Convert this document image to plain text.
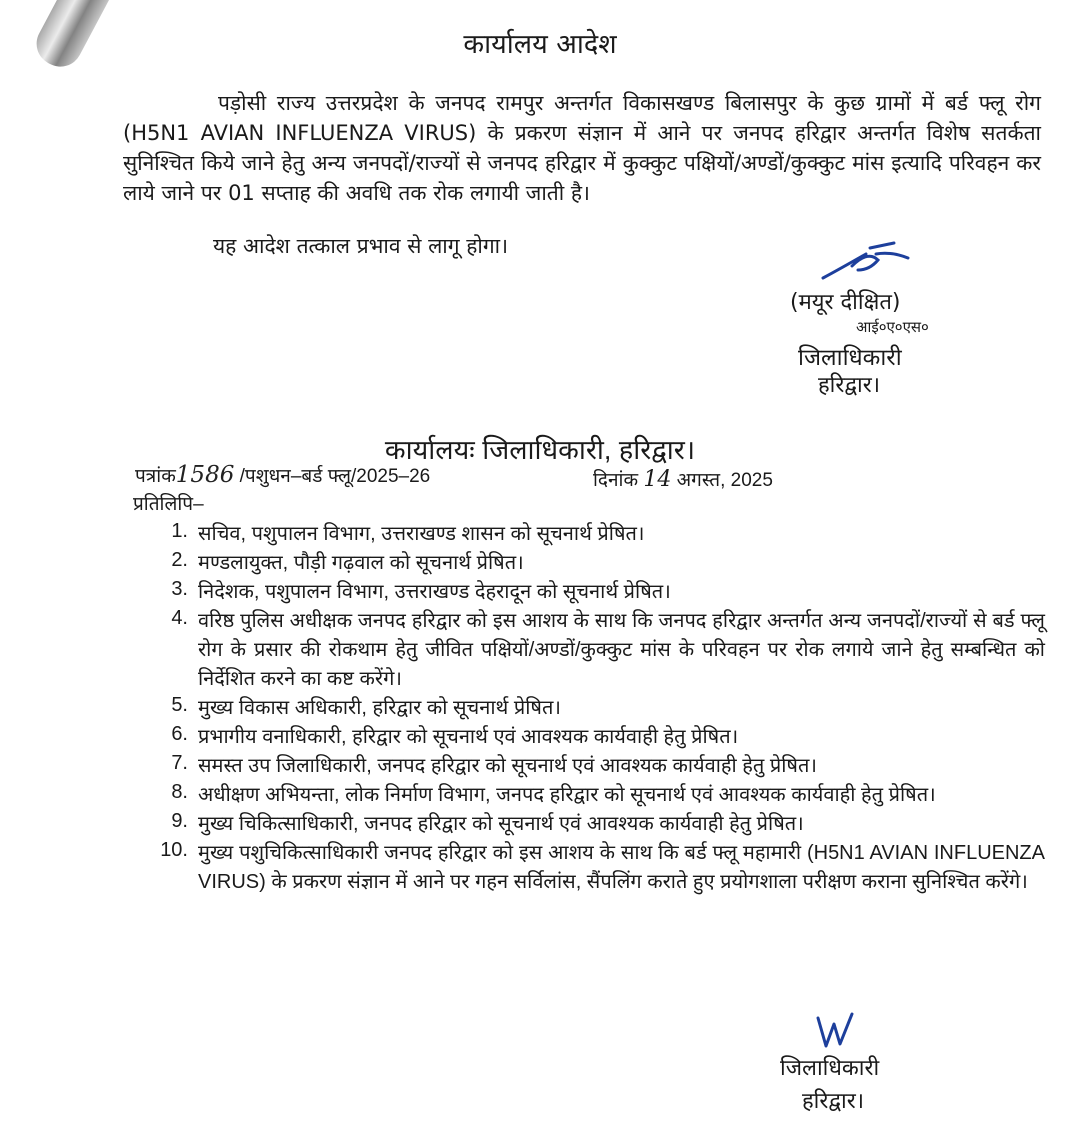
कार्यालय आदेश

पड़ोसी राज्य उत्तरप्रदेश के जनपद रामपुर अन्तर्गत विकासखण्ड बिलासपुर के कुछ ग्रामों में बर्ड फ्लू रोग (H5N1 AVIAN INFLUENZA VIRUS) के प्रकरण संज्ञान में आने पर जनपद हरिद्वार अन्तर्गत विशेष सतर्कता सुनिश्चित किये जाने हेतु अन्य जनपदों/राज्यों से जनपद हरिद्वार में कुक्कुट पक्षियों/अण्डों/कुक्कुट मांस इत्यादि परिवहन कर लाये जाने पर 01 सप्ताह की अवधि तक रोक लगायी जाती है।

यह आदेश तत्काल प्रभाव से लागू होगा।

(मयूर दीक्षित)
आई०ए०एस०
जिलाधिकारी
हरिद्वार।
कार्यालयः जिलाधिकारी, हरिद्वार।
पत्रांक1586 /पशुधन–बर्ड फ्लू/2025–26	दिनांक 14 अगस्त, 2025
प्रतिलिपि–
1. सचिव, पशुपालन विभाग, उत्तराखण्ड शासन को सूचनार्थ प्रेषित।
2. मण्डलायुक्त, पौड़ी गढ़वाल को सूचनार्थ प्रेषित।
3. निदेशक, पशुपालन विभाग, उत्तराखण्ड देहरादून को सूचनार्थ प्रेषित।
4. वरिष्ठ पुलिस अधीक्षक जनपद हरिद्वार को इस आशय के साथ कि जनपद हरिद्वार अन्तर्गत अन्य जनपदों/राज्यों से बर्ड फ्लू रोग के प्रसार की रोकथाम हेतु जीवित पक्षियों/अण्डों/कुक्कुट मांस के परिवहन पर रोक लगाये जाने हेतु सम्बन्धित को निर्देशित करने का कष्ट करेंगे।
5. मुख्य विकास अधिकारी, हरिद्वार को सूचनार्थ प्रेषित।
6. प्रभागीय वनाधिकारी, हरिद्वार को सूचनार्थ एवं आवश्यक कार्यवाही हेतु प्रेषित।
7. समस्त उप जिलाधिकारी, जनपद हरिद्वार को सूचनार्थ एवं आवश्यक कार्यवाही हेतु प्रेषित।
8. अधीक्षण अभियन्ता, लोक निर्माण विभाग, जनपद हरिद्वार को सूचनार्थ एवं आवश्यक कार्यवाही हेतु प्रेषित।
9. मुख्य चिकित्साधिकारी, जनपद हरिद्वार को सूचनार्थ एवं आवश्यक कार्यवाही हेतु प्रेषित।
10. मुख्य पशुचिकित्साधिकारी जनपद हरिद्वार को इस आशय के साथ कि बर्ड फ्लू महामारी (H5N1 AVIAN INFLUENZA VIRUS) के प्रकरण संज्ञान में आने पर गहन सर्विलांस, सैंपलिंग कराते हुए प्रयोगशाला परीक्षण कराना सुनिश्चित करेंगे।
जिलाधिकारी
हरिद्वार।
